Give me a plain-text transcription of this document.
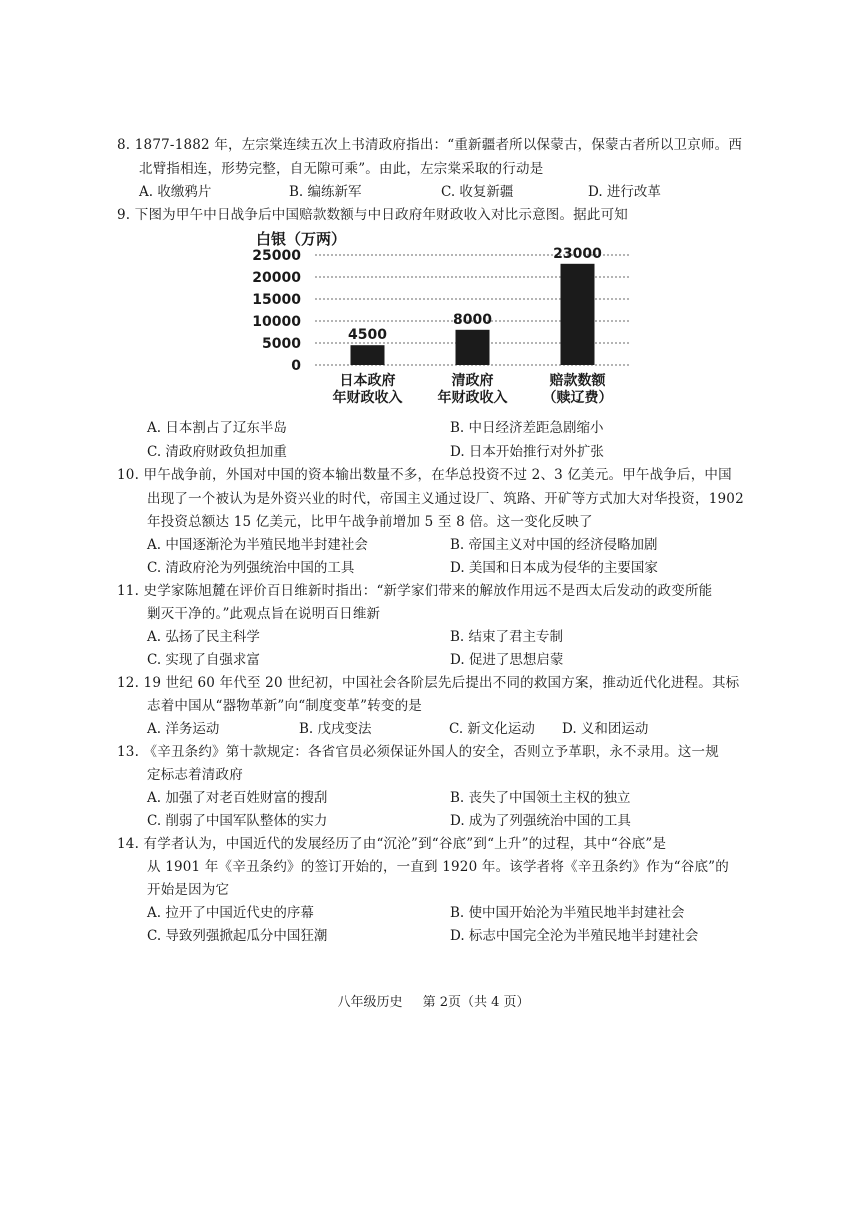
8. 1877-1882 年，左宗棠连续五次上书清政府指出：“重新疆者所以保蒙古，保蒙古者所以卫京师。西
北臂指相连，形势完整，自无隙可乘”。由此，左宗棠采取的行动是
A. 收缴鸦片	B. 编练新军	C. 收复新疆	D. 进行改革
9. 下图为甲午中日战争后中国赔款数额与中日政府年财政收入对比示意图。据此可知
白银（万两）
0
5000
10000
15000
20000
25000
4500
8000
23000
日本政府
年财政收入
清政府
年财政收入
赔款数额
（赎辽费）
A. 日本割占了辽东半岛	B. 中日经济差距急剧缩小
C. 清政府财政负担加重	D. 日本开始推行对外扩张
10. 甲午战争前，外国对中国的资本输出数量不多，在华总投资不过 2、3 亿美元。甲午战争后，中国
出现了一个被认为是外资兴业的时代，帝国主义通过设厂、筑路、开矿等方式加大对华投资，1902
年投资总额达 15 亿美元，比甲午战争前增加 5 至 8 倍。这一变化反映了
A. 中国逐渐沦为半殖民地半封建社会	B. 帝国主义对中国的经济侵略加剧
C. 清政府沦为列强统治中国的工具	D. 美国和日本成为侵华的主要国家
11. 史学家陈旭麓在评价百日维新时指出：“新学家们带来的解放作用远不是西太后发动的政变所能
剿灭干净的。”此观点旨在说明百日维新
A. 弘扬了民主科学	B. 结束了君主专制
C. 实现了自强求富	D. 促进了思想启蒙
12. 19 世纪 60 年代至 20 世纪初，中国社会各阶层先后提出不同的救国方案，推动近代化进程。其标
志着中国从“器物革新”向“制度变革”转变的是
A. 洋务运动	B. 戊戌变法	C. 新文化运动 D. 义和团运动
13. 《辛丑条约》第十款规定：各省官员必须保证外国人的安全，否则立予革职，永不录用。这一规
定标志着清政府
A. 加强了对老百姓财富的搜刮	B. 丧失了中国领土主权的独立
C. 削弱了中国军队整体的实力	D. 成为了列强统治中国的工具
14. 有学者认为，中国近代的发展经历了由“沉沦”到“谷底”到“上升”的过程，其中“谷底”是
从 1901 年《辛丑条约》的签订开始的，一直到 1920 年。该学者将《辛丑条约》作为“谷底”的
开始是因为它
A. 拉开了中国近代史的序幕	B. 使中国开始沦为半殖民地半封建社会
C. 导致列强掀起瓜分中国狂潮	D. 标志中国完全沦为半殖民地半封建社会
八年级历史 第 2页（共 4 页）
